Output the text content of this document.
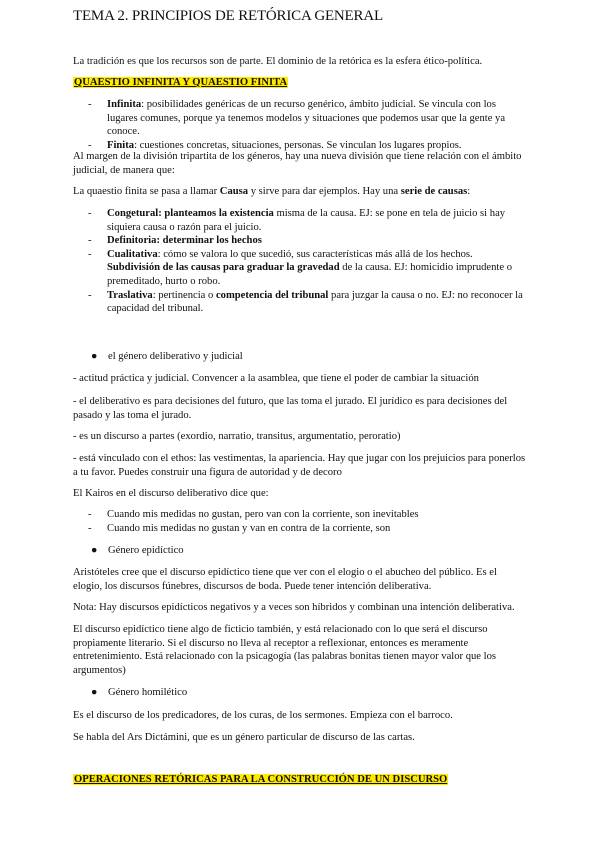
TEMA 2. PRINCIPIOS DE RETÓRICA GENERAL

La tradición es que los recursos son de parte. El dominio de la retórica es la esfera ético-política.

QUAESTIO INFINITA Y QUAESTIO FINITA

- Infinita: posibilidades genéricas de un recurso genérico, ámbito judicial. Se vincula con los lugares comunes, porque ya tenemos modelos y situaciones que podemos usar que la gente ya conoce.
- Finita: cuestiones concretas, situaciones, personas. Se vinculan los lugares propios.

Al margen de la división tripartita de los géneros, hay una nueva división que tiene relación con el ámbito judicial, de manera que:

La quaestio finita se pasa a llamar Causa y sirve para dar ejemplos. Hay una serie de causas:

- Congetural: planteamos la existencia misma de la causa. EJ: se pone en tela de juicio si hay siquiera causa o razón para el juicio.
- Definitoria: determinar los hechos
- Cualitativa: cómo se valora lo que sucedió, sus características más allá de los hechos. Subdivisión de las causas para graduar la gravedad de la causa. EJ: homicidio imprudente o premeditado, hurto o robo.
- Traslativa: pertinencia o competencia del tribunal para juzgar la causa o no. EJ: no reconocer la capacidad del tribunal.

● el género deliberativo y judicial

- actitud práctica y judicial. Convencer a la asamblea, que tiene el poder de cambiar la situación

- el deliberativo es para decisiones del futuro, que las toma el jurado. El jurídico es para decisiones del pasado y las toma el jurado.

- es un discurso a partes (exordio, narratio, transitus, argumentatio, peroratio)

- está vinculado con el ethos: las vestimentas, la apariencia. Hay que jugar con los prejuicios para ponerlos a tu favor. Puedes construir una figura de autoridad y de decoro

El Kairos en el discurso deliberativo dice que:

- Cuando mis medidas no gustan, pero van con la corriente, son inevitables
- Cuando mis medidas no gustan y van en contra de la corriente, son

● Género epidíctico

Aristóteles cree que el discurso epidíctico tiene que ver con el elogio o el abucheo del público. Es el elogio, los discursos fúnebres, discursos de boda. Puede tener intención deliberativa.

Nota: Hay discursos epidícticos negativos y a veces son híbridos y combinan una intención deliberativa.

El discurso epidíctico tiene algo de ficticio también, y está relacionado con lo que será el discurso propiamente literario. Si el discurso no lleva al receptor a reflexionar, entonces es meramente entretenimiento. Está relacionado con la psicagogía (las palabras bonitas tienen mayor valor que los argumentos)

● Género homilético

Es el discurso de los predicadores, de los curas, de los sermones. Empieza con el barroco.

Se habla del Ars Dictámini, que es un género particular de discurso de las cartas.

OPERACIONES RETÓRICAS PARA LA CONSTRUCCIÓN DE UN DISCURSO
